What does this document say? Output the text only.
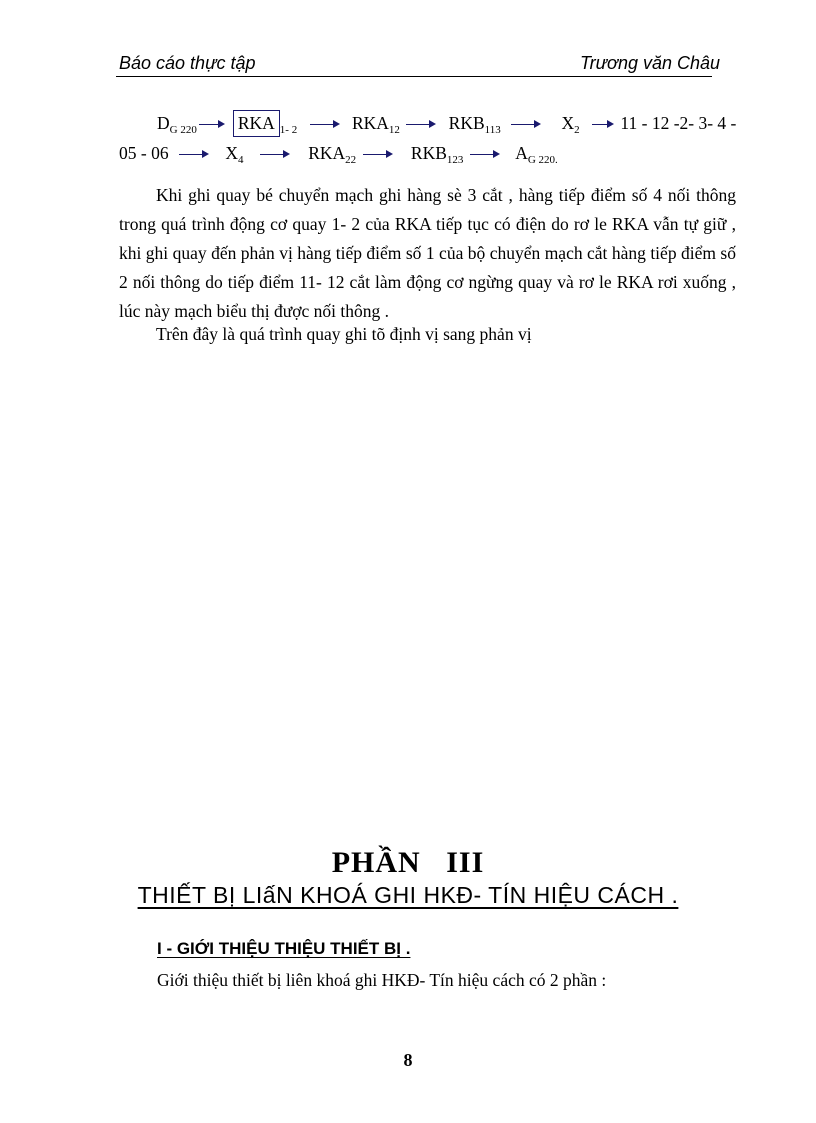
Báo cáo thực tập	Trương văn Châu
$D_{G 220}$ RKA $_{1- 2}$	$RKA_{12}$	$RKB_{113}$	$X_2$ 11 - 12 -2- 3- 4 -
05 - 06	$X_4$	$RKA_{22}$	$RKB_{123}$	$A_{G 220.}$
Khi ghi quay bé chuyển mạch ghi hàng sè 3 cắt , hàng tiếp điểm số 4 nối thông trong quá trình động cơ quay 1- 2 của RKA tiếp tục có điện do rơ le RKA vẫn tự giữ , khi ghi quay đến phản vị hàng tiếp điểm số 1 của bộ chuyển mạch cắt hàng tiếp điểm số 2 nối thông do tiếp điểm 11- 12 cắt làm động cơ ngừng quay và rơ le RKA rơi xuống , lúc này mạch biểu thị được nối thông .
Trên đây là quá trình quay ghi tõ định vị sang phản vị
PHẦN   III
THIẾT BỊ LIấN KHOÁ GHI HKĐ- TÍN HIỆU CÁCH .
I - GIỚI THIỆU THIỆU THIẾT BỊ .
Giới thiệu thiết bị liên khoá ghi HKĐ- Tín hiệu cách có 2 phần :
8
